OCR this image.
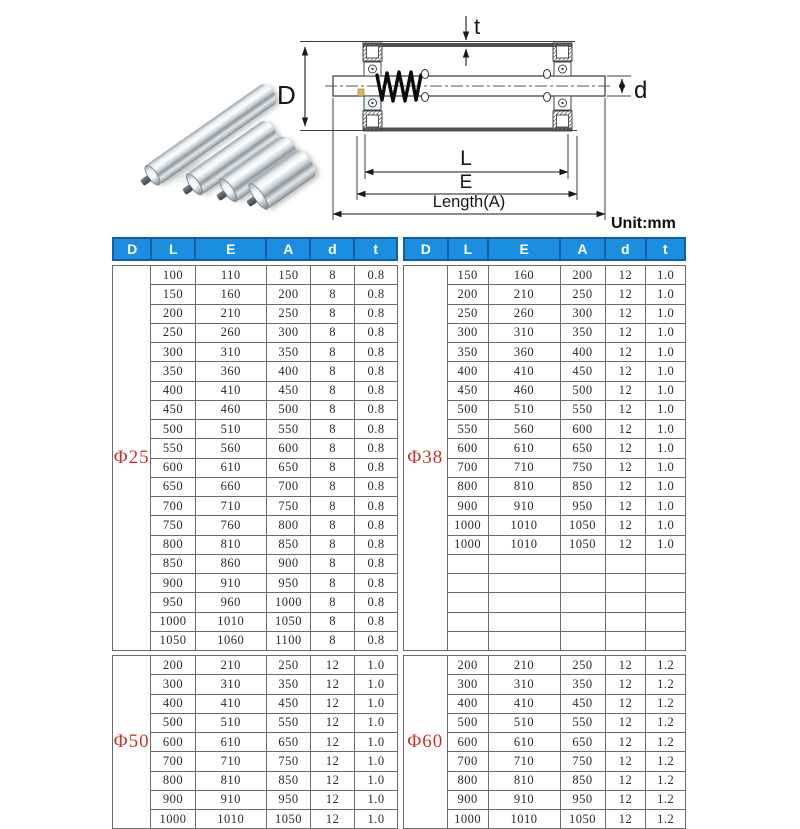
D
t
d
L
E
Length(A)
Unit:mm
D	L	E	A	d	t
Φ25	100	110	150	8	0.8
	150	160	200	8	0.8
	200	210	250	8	0.8
	250	260	300	8	0.8
	300	310	350	8	0.8
	350	360	400	8	0.8
	400	410	450	8	0.8
	450	460	500	8	0.8
	500	510	550	8	0.8
	550	560	600	8	0.8
	600	610	650	8	0.8
	650	660	700	8	0.8
	700	710	750	8	0.8
	750	760	800	8	0.8
	800	810	850	8	0.8
	850	860	900	8	0.8
	900	910	950	8	0.8
	950	960	1000	8	0.8
	1000	1010	1050	8	0.8
	1050	1060	1100	8	0.8
Φ50	200	210	250	12	1.0
	300	310	350	12	1.0
	400	410	450	12	1.0
	500	510	550	12	1.0
	600	610	650	12	1.0
	700	710	750	12	1.0
	800	810	850	12	1.0
	900	910	950	12	1.0
	1000	1010	1050	12	1.0
D	L	E	A	d	t
Φ38	150	160	200	12	1.0
	200	210	250	12	1.0
	250	260	300	12	1.0
	300	310	350	12	1.0
	350	360	400	12	1.0
	400	410	450	12	1.0
	450	460	500	12	1.0
	500	510	550	12	1.0
	550	560	600	12	1.0
	600	610	650	12	1.0
	700	710	750	12	1.0
	800	810	850	12	1.0
	900	910	950	12	1.0
	1000	1010	1050	12	1.0
	1000	1010	1050	12	1.0

Φ60	200	210	250	12	1.2
	300	310	350	12	1.2
	400	410	450	12	1.2
	500	510	550	12	1.2
	600	610	650	12	1.2
	700	710	750	12	1.2
	800	810	850	12	1.2
	900	910	950	12	1.2
	1000	1010	1050	12	1.2
